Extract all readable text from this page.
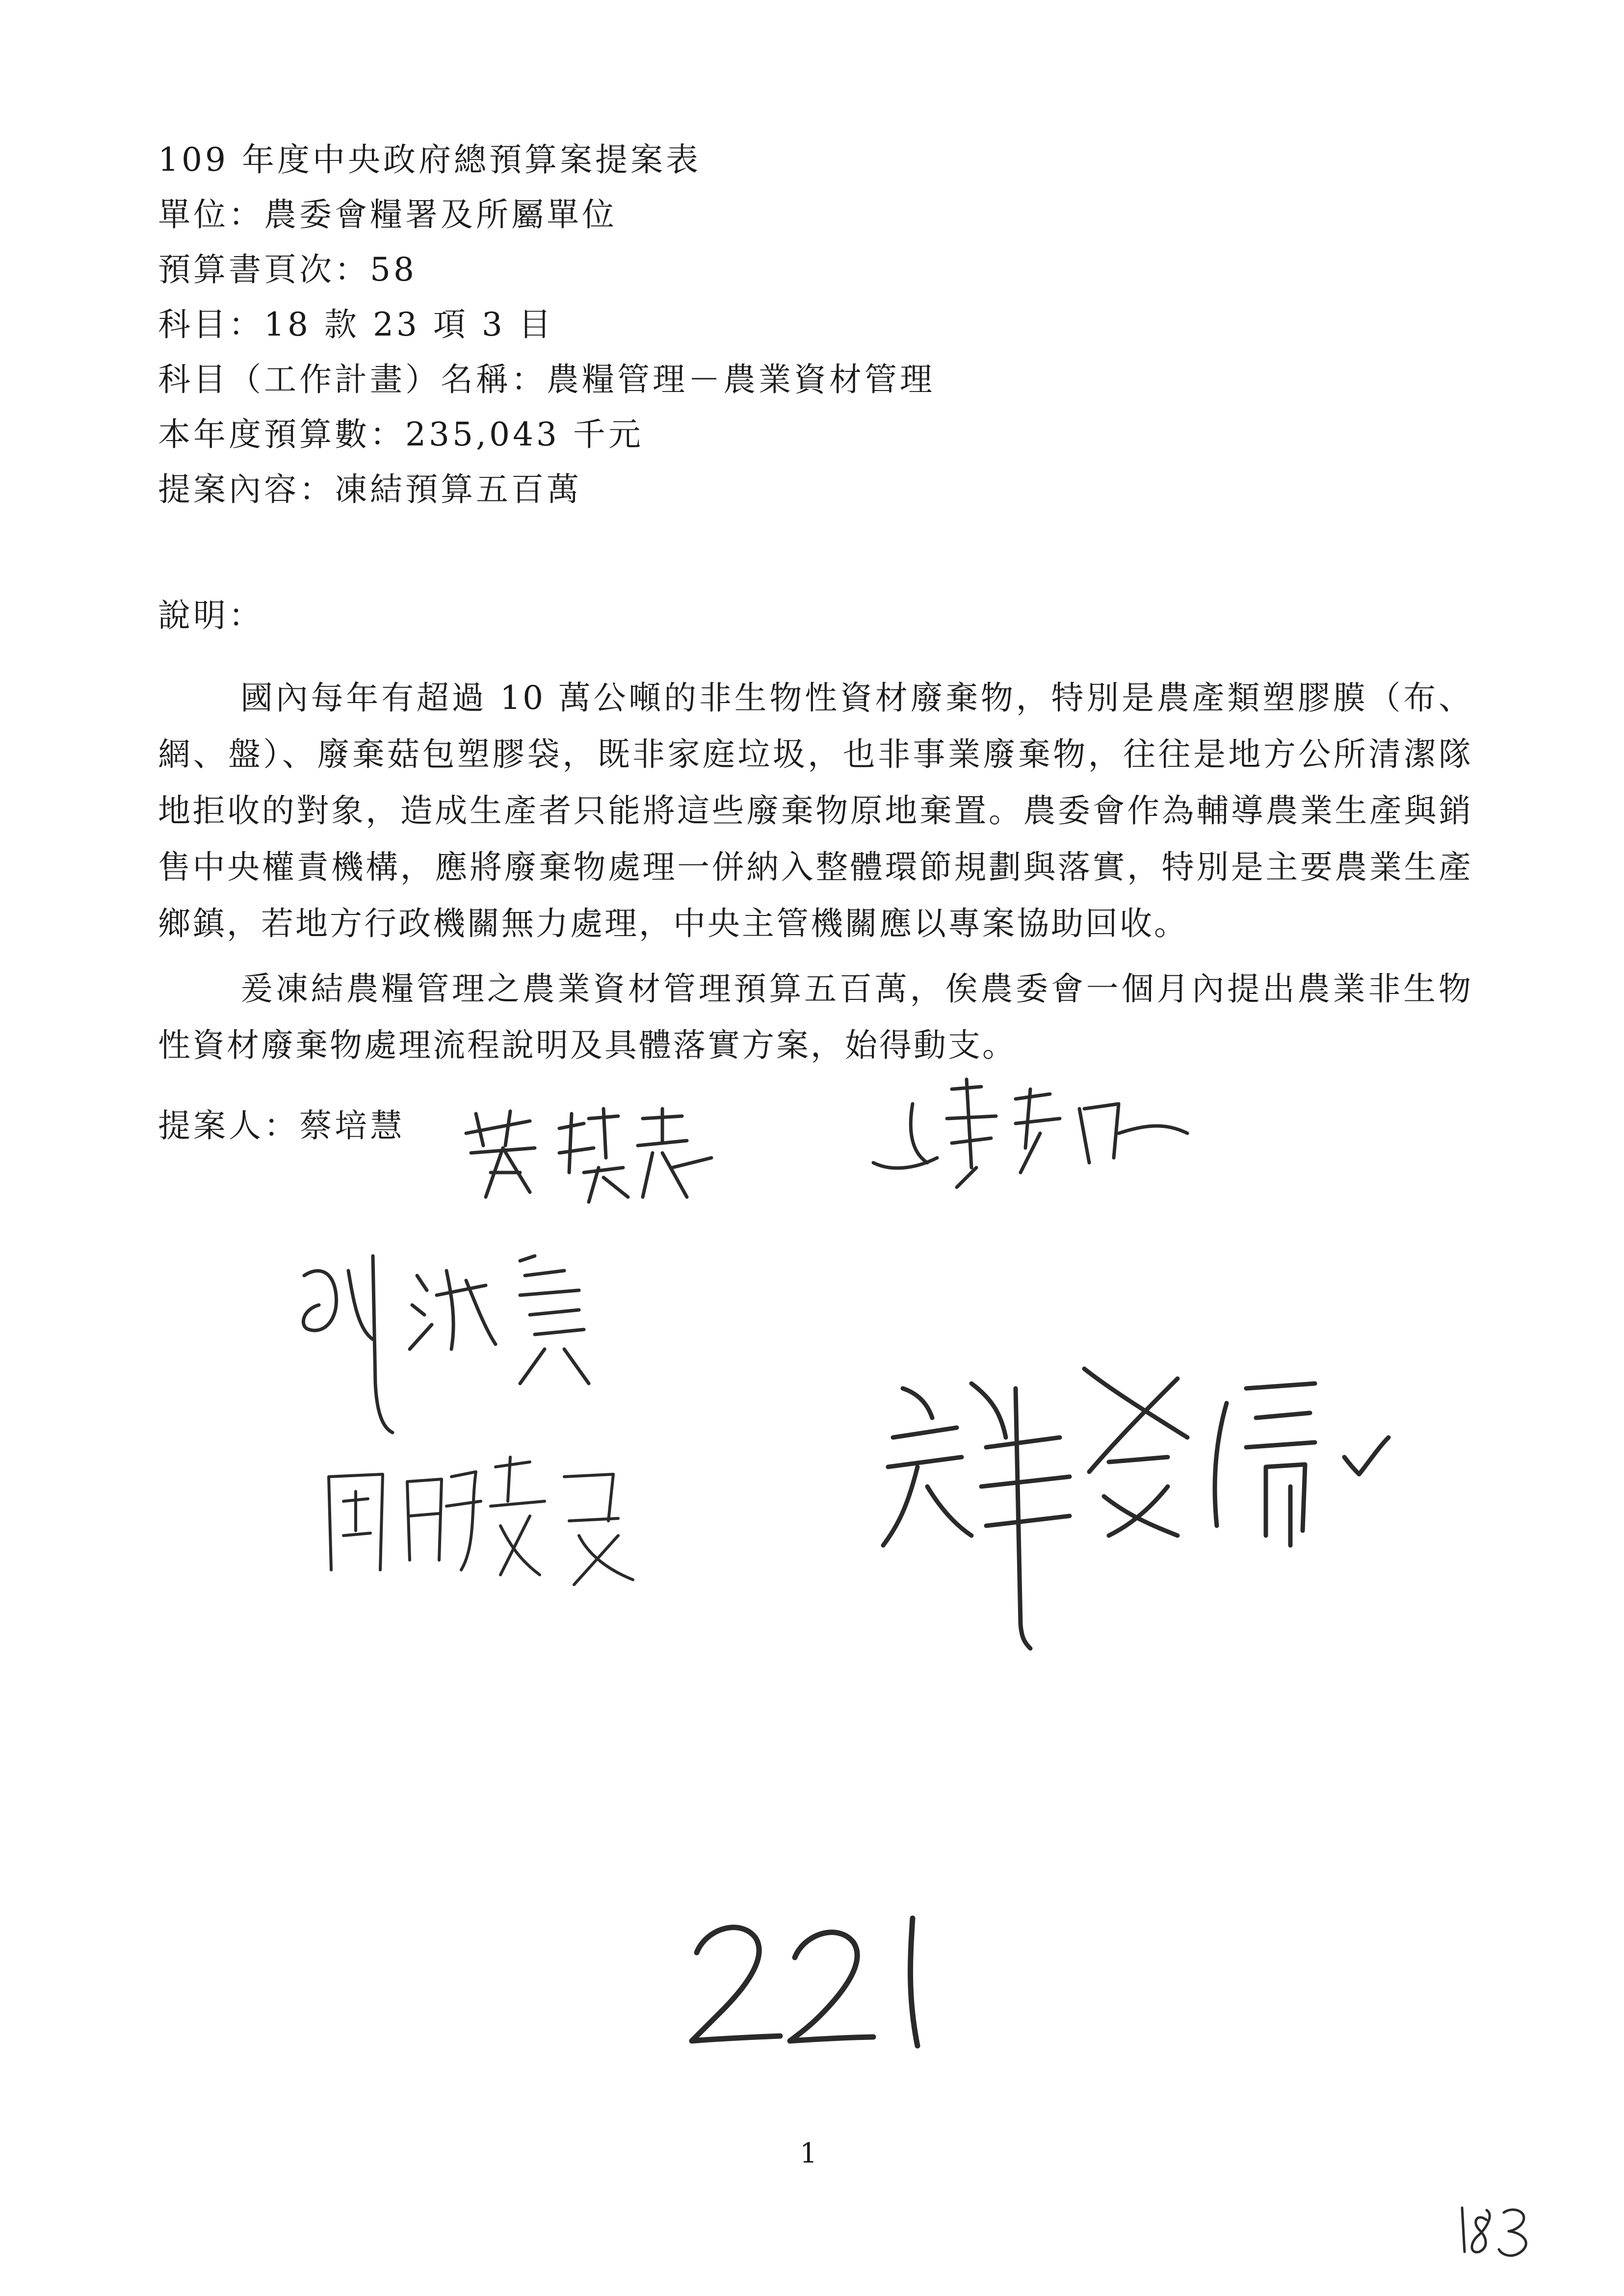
109 年度中央政府總預算案提案表
單位：農委會糧署及所屬單位
預算書頁次：58
科目：18 款 23 項 3 目
科目（工作計畫）名稱：農糧管理－農業資材管理
本年度預算數：235,043 千元
提案內容：凍結預算五百萬
說明：

國內每年有超過 10 萬公噸的非生物性資材廢棄物，特別是農產類塑膠膜（布、網、盤）、廢棄菇包塑膠袋，既非家庭垃圾，也非事業廢棄物，往往是地方公所清潔隊地拒收的對象，造成生產者只能將這些廢棄物原地棄置。農委會作為輔導農業生產與銷售中央權責機構，應將廢棄物處理一併納入整體環節規劃與落實，特別是主要農業生產鄉鎮，若地方行政機關無力處理，中央主管機關應以專案協助回收。

爰凍結農糧管理之農業資材管理預算五百萬，俟農委會一個月內提出農業非生物性資材廢棄物處理流程說明及具體落實方案，始得動支。

提案人：蔡培慧
1
